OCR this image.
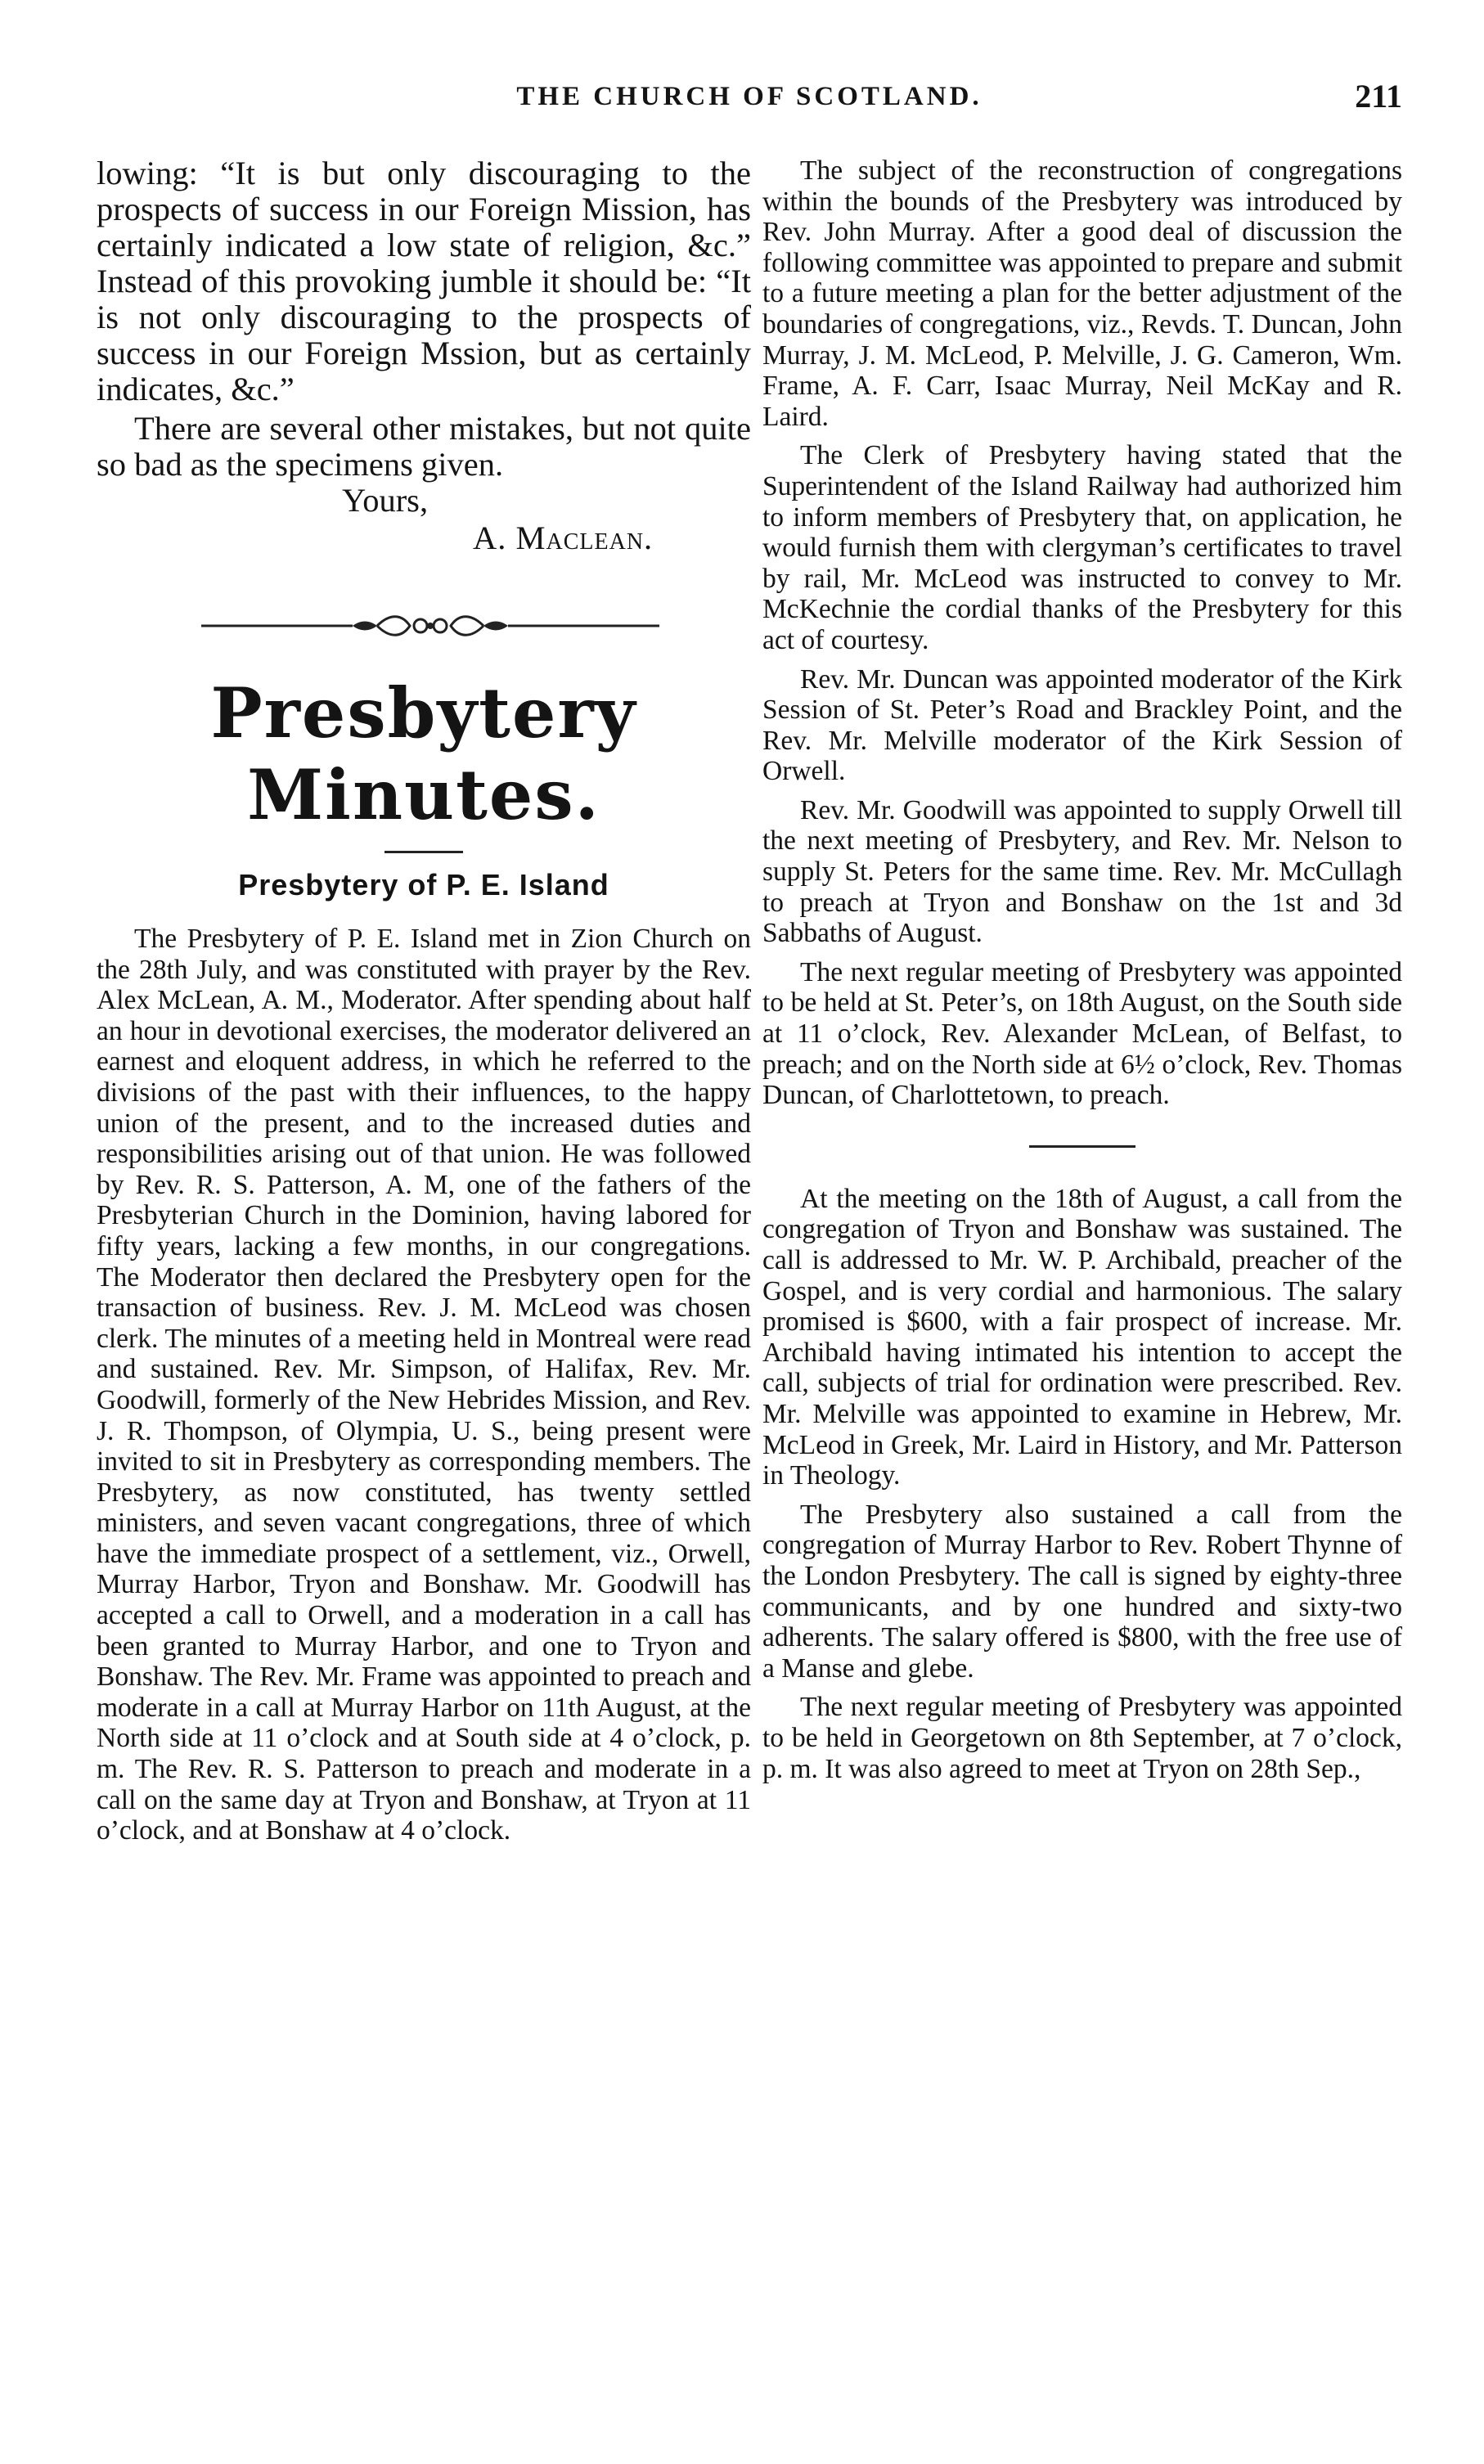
THE CHURCH OF SCOTLAND.	211

lowing: “It is but only discouraging to the prospects of success in our Foreign Mission, has certainly indicated a low state of religion, &c.” Instead of this provoking jumble it should be: “It is not only discouraging to the prospects of success in our Foreign Mssion, but as certainly indicates, &c.”

There are several other mistakes, but not quite so bad as the specimens given.

Yours,

A. Maclean.

Presbytery Minutes.
Presbytery of P. E. Island

The Presbytery of P. E. Island met in Zion Church on the 28th July, and was constituted with prayer by the Rev. Alex McLean, A. M., Moderator. After spending about half an hour in devotional exercises, the moderator delivered an earnest and eloquent address, in which he referred to the divisions of the past with their influences, to the happy union of the present, and to the increased duties and responsibilities arising out of that union. He was followed by Rev. R. S. Patterson, A. M, one of the fathers of the Presbyterian Church in the Dominion, having labored for fifty years, lacking a few months, in our congregations. The Moderator then declared the Presbytery open for the transaction of business. Rev. J. M. McLeod was chosen clerk. The minutes of a meeting held in Montreal were read and sustained. Rev. Mr. Simpson, of Halifax, Rev. Mr. Goodwill, formerly of the New Hebrides Mission, and Rev. J. R. Thompson, of Olympia, U. S., being present were invited to sit in Presbytery as corresponding members. The Presbytery, as now constituted, has twenty settled ministers, and seven vacant congregations, three of which have the immediate prospect of a settlement, viz., Orwell, Murray Harbor, Tryon and Bonshaw. Mr. Goodwill has accepted a call to Orwell, and a moderation in a call has been granted to Murray Harbor, and one to Tryon and Bonshaw. The Rev. Mr. Frame was appointed to preach and moderate in a call at Murray Harbor on 11th August, at the North side at 11 o’clock and at South side at 4 o’clock, p. m. The Rev. R. S. Patterson to preach and moderate in a call on the same day at Tryon and Bonshaw, at Tryon at 11 o’clock, and at Bonshaw at 4 o’clock.

The subject of the reconstruction of congregations within the bounds of the Presbytery was introduced by Rev. John Murray. After a good deal of discussion the following committee was appointed to prepare and submit to a future meeting a plan for the better adjustment of the boundaries of congregations, viz., Revds. T. Duncan, John Murray, J. M. McLeod, P. Melville, J. G. Cameron, Wm. Frame, A. F. Carr, Isaac Murray, Neil McKay and R. Laird.

The Clerk of Presbytery having stated that the Superintendent of the Island Railway had authorized him to inform members of Presbytery that, on application, he would furnish them with clergyman’s certificates to travel by rail, Mr. McLeod was instructed to convey to Mr. McKechnie the cordial thanks of the Presbytery for this act of courtesy.

Rev. Mr. Duncan was appointed moderator of the Kirk Session of St. Peter’s Road and Brackley Point, and the Rev. Mr. Melville moderator of the Kirk Session of Orwell.

Rev. Mr. Goodwill was appointed to supply Orwell till the next meeting of Presbytery, and Rev. Mr. Nelson to supply St. Peters for the same time. Rev. Mr. McCullagh to preach at Tryon and Bonshaw on the 1st and 3d Sabbaths of August.

The next regular meeting of Presbytery was appointed to be held at St. Peter’s, on 18th August, on the South side at 11 o’clock, Rev. Alexander McLean, of Belfast, to preach; and on the North side at 6½ o’clock, Rev. Thomas Duncan, of Charlottetown, to preach.

At the meeting on the 18th of August, a call from the congregation of Tryon and Bonshaw was sustained. The call is addressed to Mr. W. P. Archibald, preacher of the Gospel, and is very cordial and harmonious. The salary promised is $600, with a fair prospect of increase. Mr. Archibald having intimated his intention to accept the call, subjects of trial for ordination were prescribed. Rev. Mr. Melville was appointed to examine in Hebrew, Mr. McLeod in Greek, Mr. Laird in History, and Mr. Patterson in Theology.

The Presbytery also sustained a call from the congregation of Murray Harbor to Rev. Robert Thynne of the London Presbytery. The call is signed by eighty-three communicants, and by one hundred and sixty-two adherents. The salary offered is $800, with the free use of a Manse and glebe.

The next regular meeting of Presbytery was appointed to be held in Georgetown on 8th September, at 7 o’clock, p. m. It was also agreed to meet at Tryon on 28th Sep.,
